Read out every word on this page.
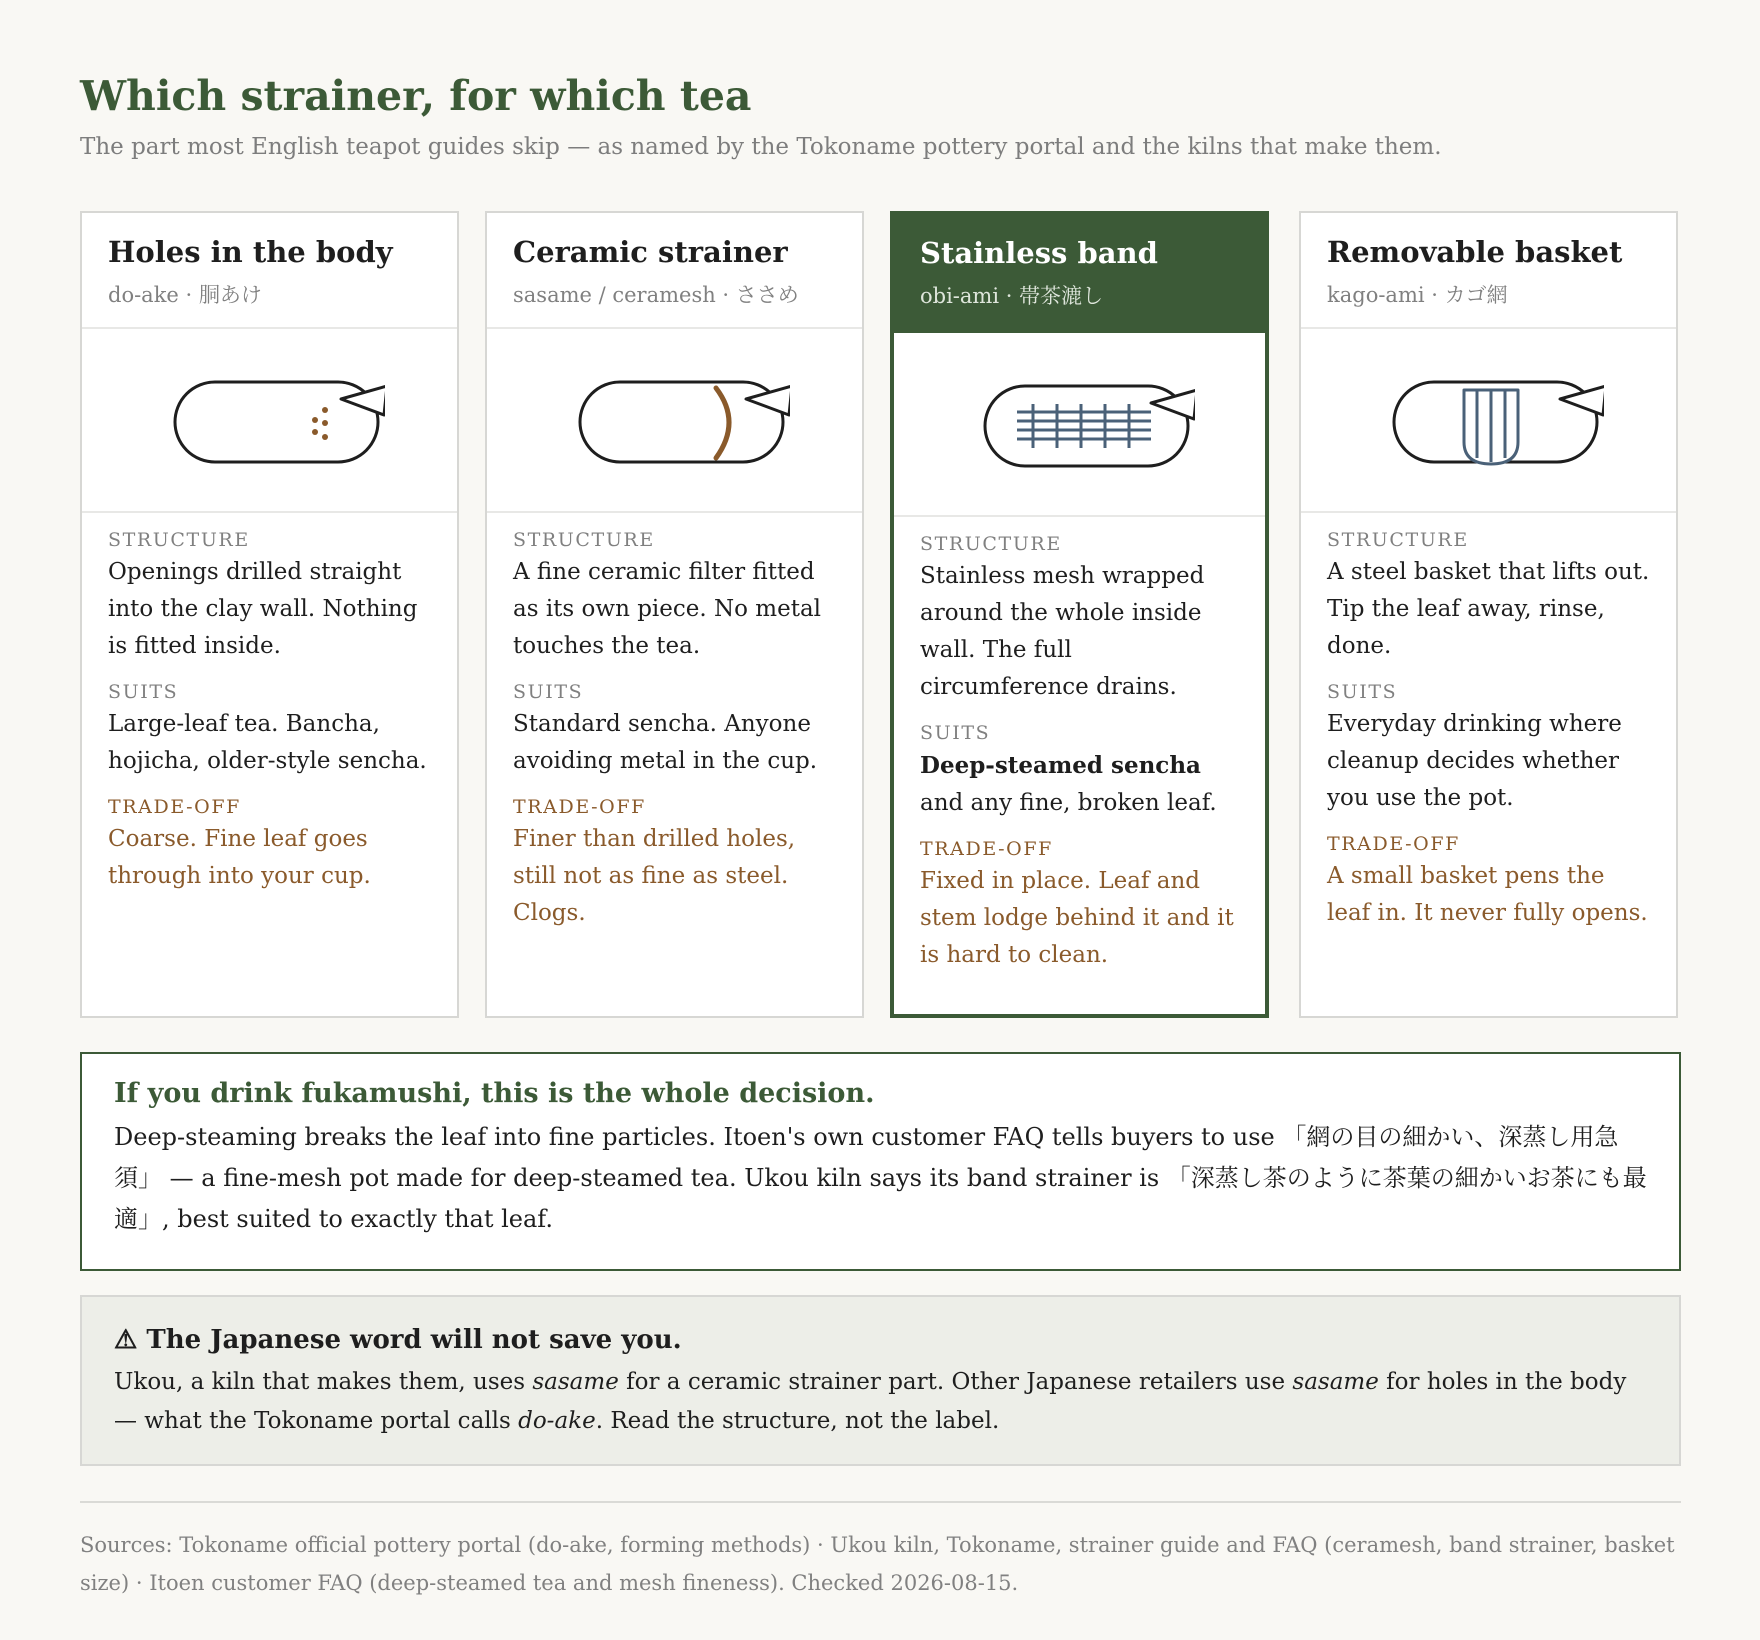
Which strainer, for which tea

The part most English teapot guides skip — as named by the Tokoname pottery portal and the kilns that make them.

Holes in the body
do-ake · 胴あけ

STRUCTURE

Openings drilled straight into the clay wall. Nothing is fitted inside.

SUITS

Large-leaf tea. Bancha, hojicha, older-style sencha.

TRADE-OFF

Coarse. Fine leaf goes through into your cup.

Ceramic strainer
sasame / ceramesh · ささめ

STRUCTURE

A fine ceramic filter fitted as its own piece. No metal touches the tea.

SUITS

Standard sencha. Anyone avoiding metal in the cup.

TRADE-OFF

Finer than drilled holes, still not as fine as steel. Clogs.

Stainless band
obi-ami · 帯茶漉し

STRUCTURE

Stainless mesh wrapped around the whole inside wall. The full circumference drains.

SUITS

Deep-steamed sencha
and any fine, broken leaf.

TRADE-OFF

Fixed in place. Leaf and stem lodge behind it and it is hard to clean.

Removable basket
kago-ami · カゴ網

STRUCTURE

A steel basket that lifts out. Tip the leaf away, rinse, done.

SUITS

Everyday drinking where cleanup decides whether you use the pot.

TRADE-OFF

A small basket pens the leaf in. It never fully opens.

If you drink fukamushi, this is the whole decision.

Deep-steaming breaks the leaf into fine particles. Itoen's own customer FAQ tells buyers to use 「網の目の細かい、深蒸し用急須」 — a fine-mesh pot made for deep-steamed tea. Ukou kiln says its band strainer is 「深蒸し茶のように茶葉の細かいお茶にも最適」, best suited to exactly that leaf.

⚠ The Japanese word will not save you.

Ukou, a kiln that makes them, uses sasame for a ceramic strainer part. Other Japanese retailers use sasame for holes in the body — what the Tokoname portal calls do-ake. Read the structure, not the label.

Sources: Tokoname official pottery portal (do-ake, forming methods) · Ukou kiln, Tokoname, strainer guide and FAQ (ceramesh, band strainer, basket size) · Itoen customer FAQ (deep-steamed tea and mesh fineness). Checked 2026-08-15.
